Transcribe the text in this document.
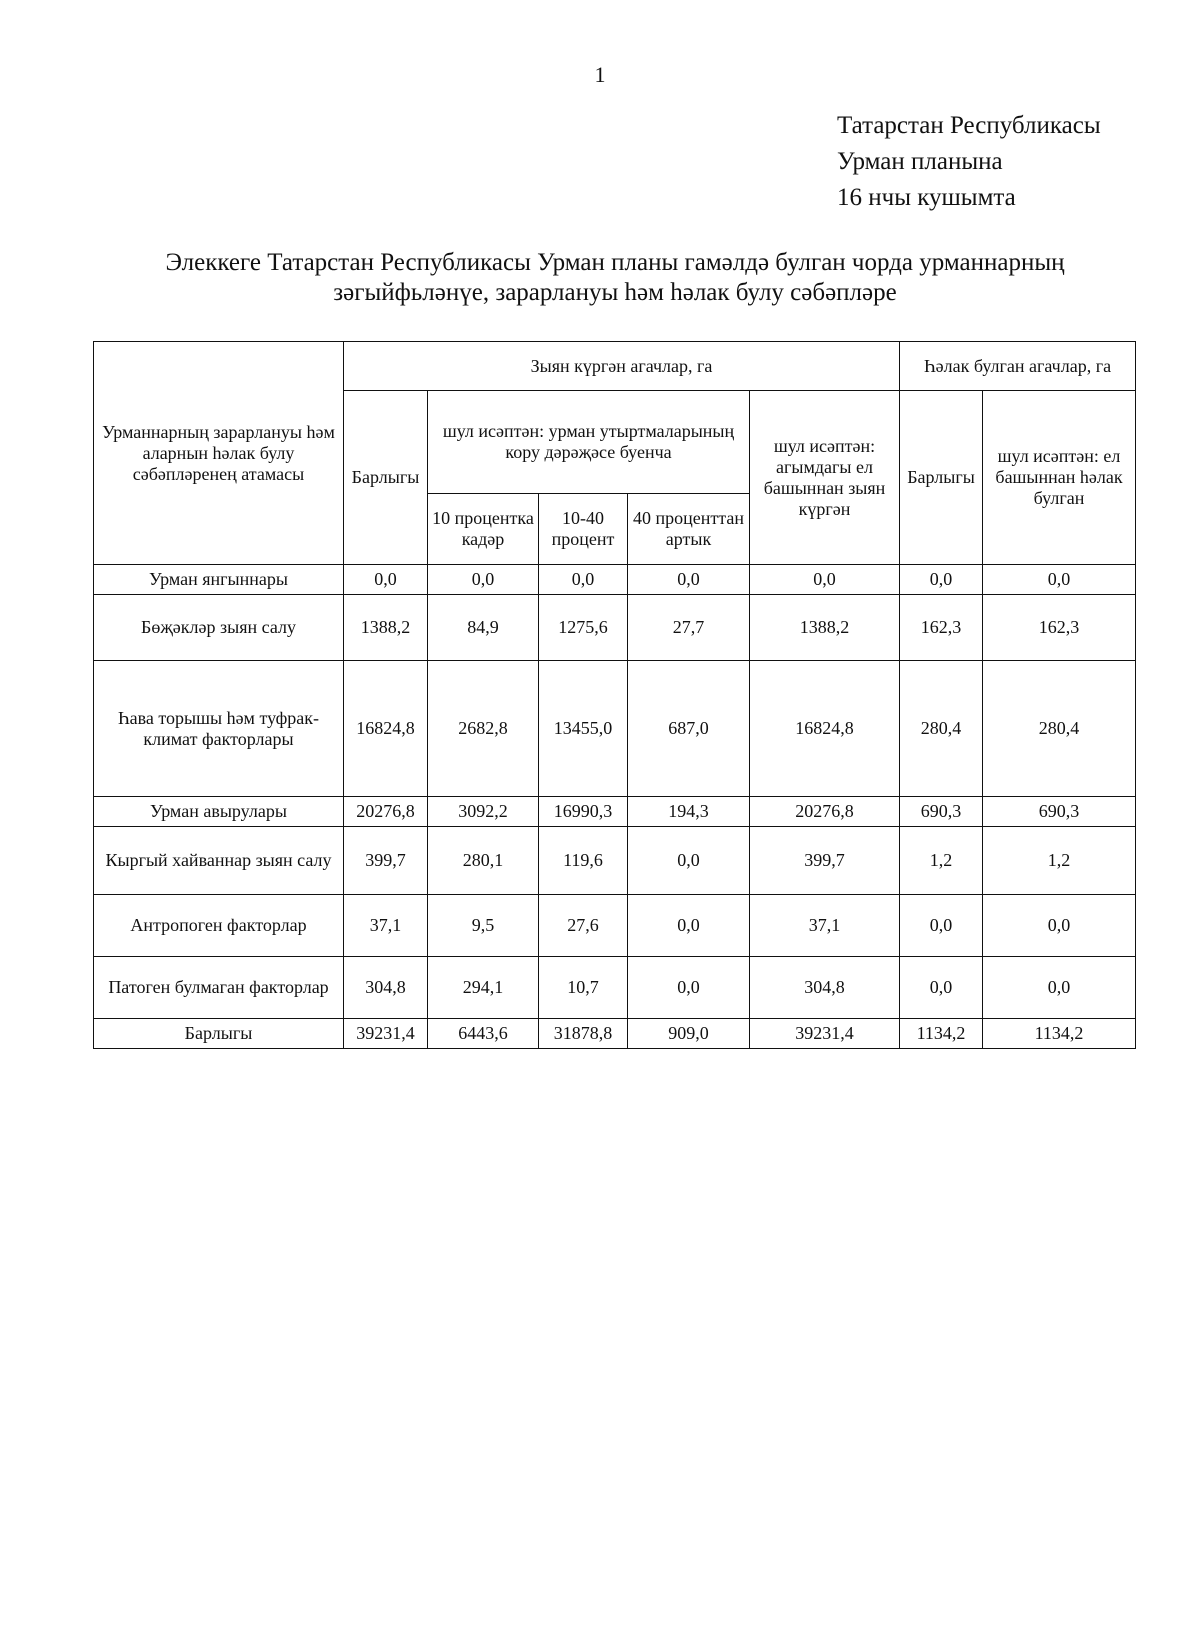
1
Татарстан Республикасы
Урман планына
16 нчы кушымта
Элеккеге Татарстан Республикасы Урман планы гамәлдә булган чорда урманнарның
зәгыйфьләнүе, зарарлануы һәм һәлак булу сәбәпләре
Урманнарның зарарлануы һәм аларнын һәлак булу сәбәпләренең атамасы	Зыян күргән агачлар, га					Һәлак булган агачлар, га	
	Барлыгы	шул исәптән: урман утыртмаларының кору дәрәҗәсе буенча			шул исәптән: агымдагы ел башыннан зыян күргән	Барлыгы	шул исәптән: ел башыннан һәлак булган
		10 процентка кадәр	10-40 процент	40 проценттан артык			
Урман янгыннары	0,0	0,0	0,0	0,0	0,0	0,0	0,0
Бөҗәкләр зыян салу	1388,2	84,9	1275,6	27,7	1388,2	162,3	162,3
Һава торышы һәм туфрак-климат факторлары	16824,8	2682,8	13455,0	687,0	16824,8	280,4	280,4
Урман авырулары	20276,8	3092,2	16990,3	194,3	20276,8	690,3	690,3
Кыргый хайваннар зыян салу	399,7	280,1	119,6	0,0	399,7	1,2	1,2
Антропоген факторлар	37,1	9,5	27,6	0,0	37,1	0,0	0,0
Патоген булмаган факторлар	304,8	294,1	10,7	0,0	304,8	0,0	0,0
Барлыгы	39231,4	6443,6	31878,8	909,0	39231,4	1134,2	1134,2
